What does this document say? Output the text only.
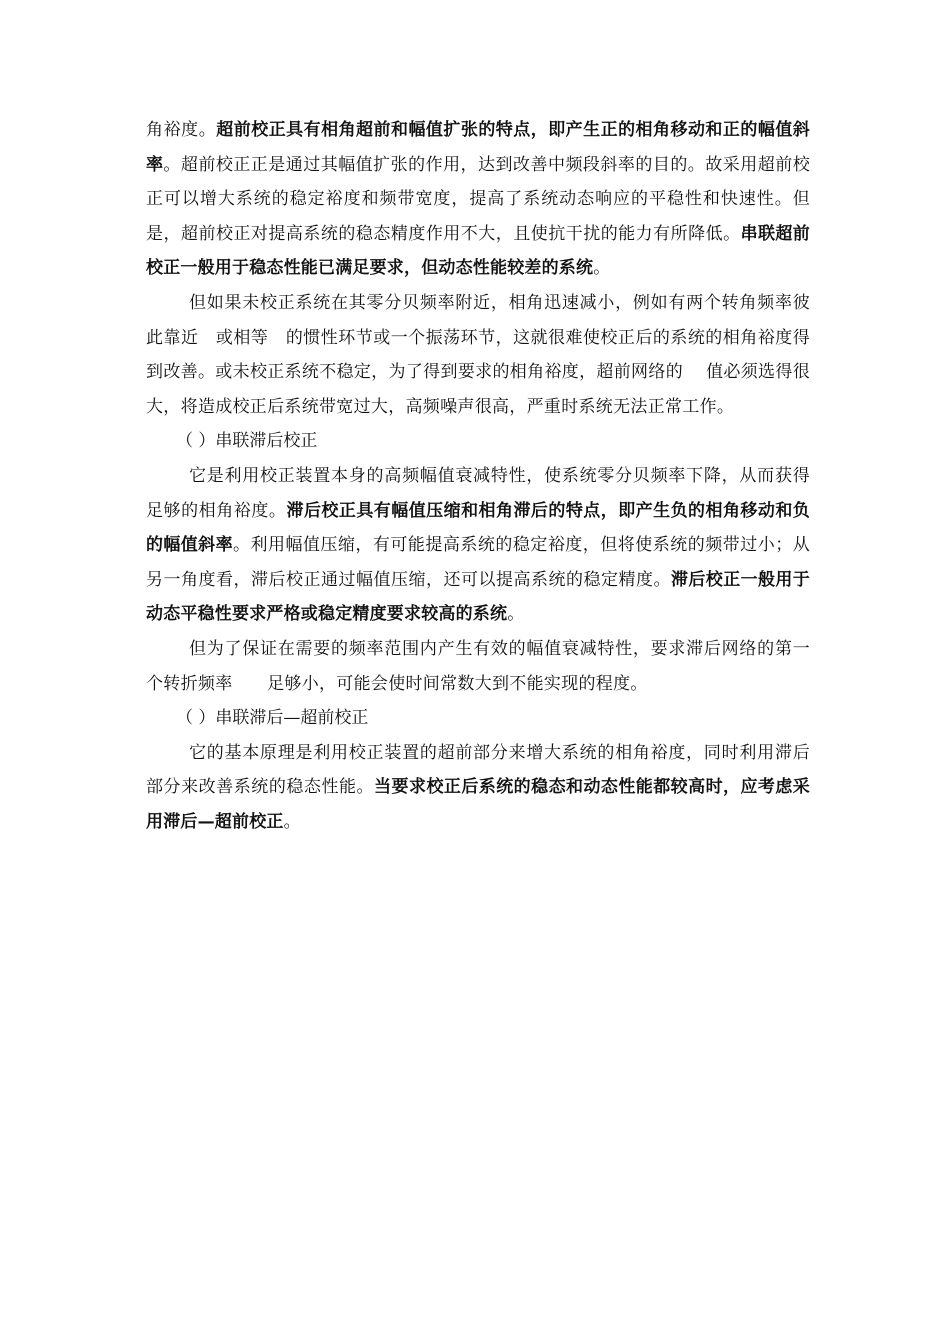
角裕度。超前校正具有相角超前和幅值扩张的特点，即产生正的相角移动和正的幅值斜率。超前校正正是通过其幅值扩张的作用，达到改善中频段斜率的目的。故采用超前校正可以增大系统的稳定裕度和频带宽度，提高了系统动态响应的平稳性和快速性。但是，超前校正对提高系统的稳态精度作用不大，且使抗干扰的能力有所降低。串联超前校正一般用于稳态性能已满足要求，但动态性能较差的系统。

但如果未校正系统在其零分贝频率附近，相角迅速减小，例如有两个转角频率彼此靠近　或相等　的惯性环节或一个振荡环节，这就很难使校正后的系统的相角裕度得到改善。或未校正系统不稳定，为了得到要求的相角裕度，超前网络的　 值必须选得很大，将造成校正后系统带宽过大，高频噪声很高，严重时系统无法正常工作。

（ ）串联滞后校正

它是利用校正装置本身的高频幅值衰减特性，使系统零分贝频率下降，从而获得足够的相角裕度。滞后校正具有幅值压缩和相角滞后的特点，即产生负的相角移动和负的幅值斜率。利用幅值压缩，有可能提高系统的稳定裕度，但将使系统的频带过小；从另一角度看，滞后校正通过幅值压缩，还可以提高系统的稳定精度。滞后校正一般用于动态平稳性要求严格或稳定精度要求较高的系统。

但为了保证在需要的频率范围内产生有效的幅值衰减特性，要求滞后网络的第一个转折频率　　足够小，可能会使时间常数大到不能实现的程度。

（ ）串联滞后—超前校正

它的基本原理是利用校正装置的超前部分来增大系统的相角裕度，同时利用滞后部分来改善系统的稳态性能。当要求校正后系统的稳态和动态性能都较高时，应考虑采用滞后—超前校正。
